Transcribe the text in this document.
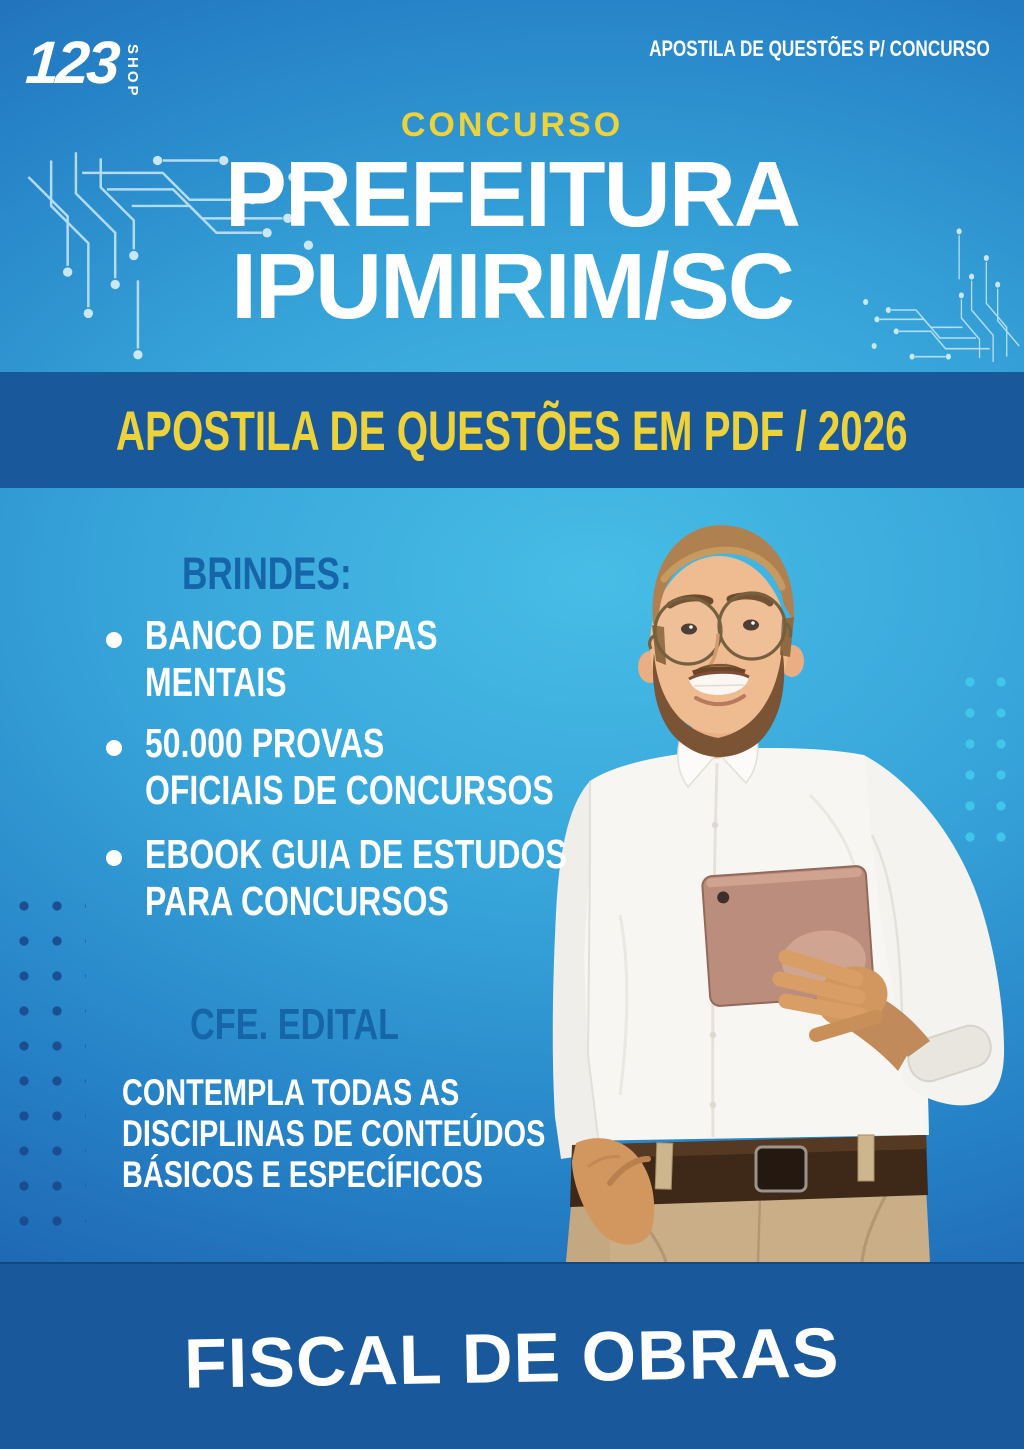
123 SHOP	APOSTILA DE QUESTÕES P/ CONCURSO
CONCURSO
PREFEITURA
IPUMIRIM/SC
APOSTILA DE QUESTÕES EM PDF / 2026
BRINDES:
BANCO DE MAPAS
MENTAIS
50.000 PROVAS
OFICIAIS DE CONCURSOS
EBOOK GUIA DE ESTUDOS
PARA CONCURSOS
CFE. EDITAL
CONTEMPLA TODAS AS
DISCIPLINAS DE CONTEÚDOS
BÁSICOS E ESPECÍFICOS
FISCAL DE OBRAS
